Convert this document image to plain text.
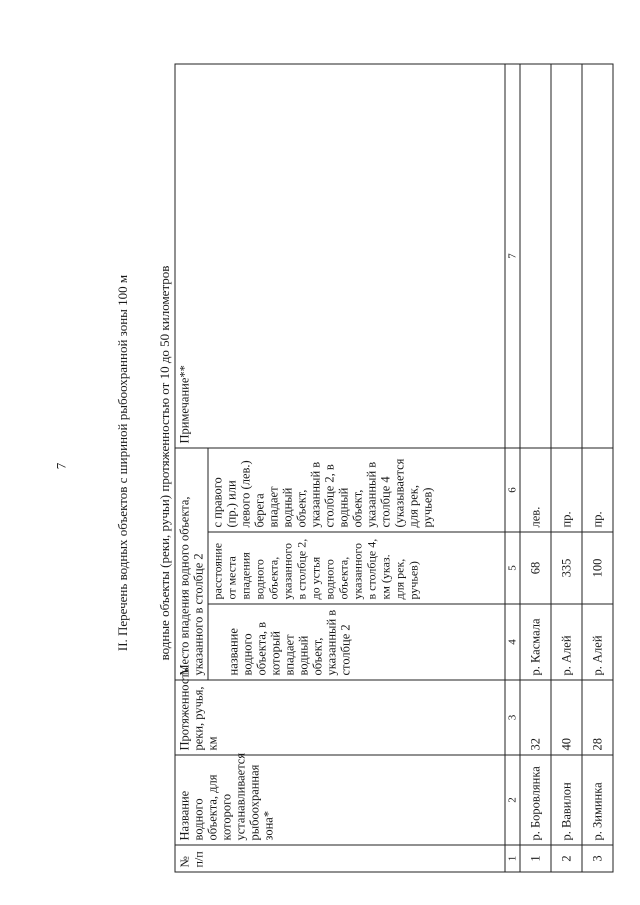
7	II. Перечень водных объектов с шириной рыбоохранной зоны 100 м водные объекты (реки, ручьи) протяженностью от 10 до 50 километров
№ п/п	Название водного объекта, для которого устанавливается рыбоохранная зона*	Протяженность реки, ручья, км	Место впадения водного объекта, указанного в столбце 2			Примечание**
			название водного объекта, в который впадает водный объект, указанный в столбце 2	расстояние от места впадения водного объекта, указанного в столбце 2, до устья водного объекта, указанного в столбце 4, км (указ. для рек, ручьев)	с правого (пр.) или левого (лев.) берега впадает водный объект, указанный в столбце 2, в водный объект, указанный в столбце 4 (указывается для рек, ручьев)	
1	2	3	4	5	6	7
1	р. Боровлянка	32	р. Касмала	68	лев.	
2	р. Вавилон	40	р. Алей	335	пр.	
3	р. Зиминка	28	р. Алей	100	пр.	
